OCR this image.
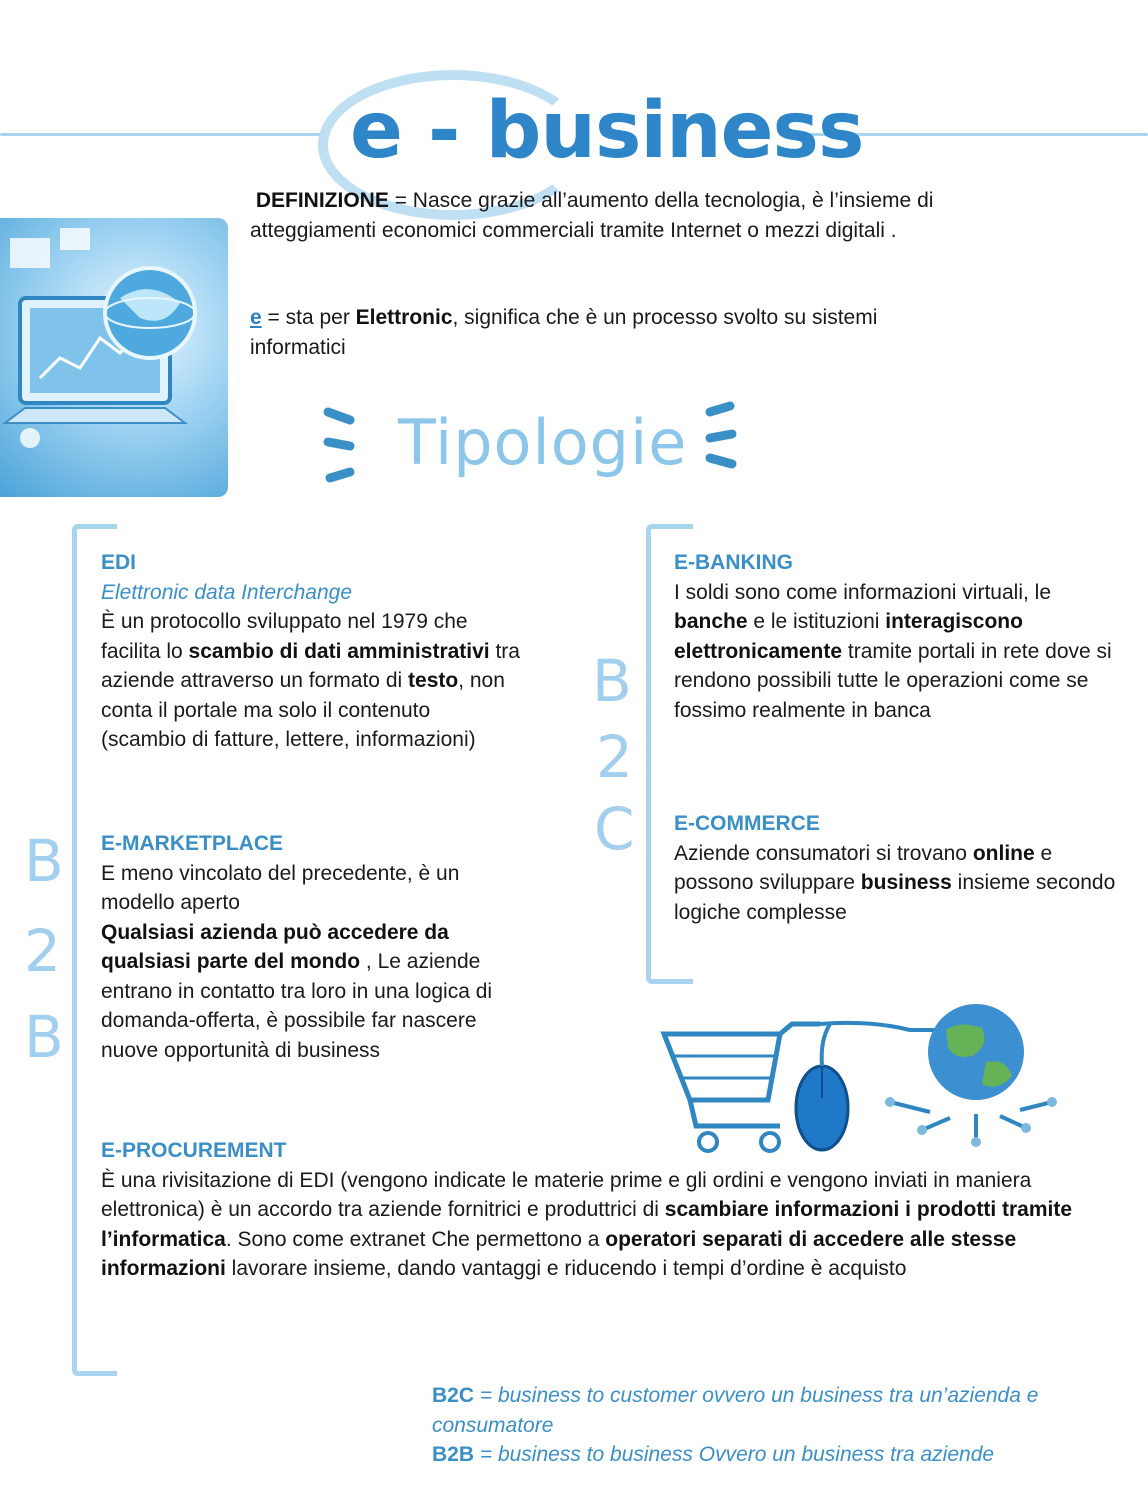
e - business
DEFINIZIONE = Nasce grazie all’aumento della tecnologia, è l’insieme di atteggiamenti economici commerciali tramite Internet o mezzi digitali .
e = sta per Elettronic, significa che è un processo svolto su sistemi informatici
Tipologie
B
2
B
B
2
C
EDI
Elettronic data Interchange
È un protocollo sviluppato nel 1979 che facilita lo scambio di dati amministrativi tra aziende attraverso un formato di testo, non conta il portale ma solo il contenuto (scambio di fatture, lettere, informazioni)
E-MARKETPLACE
E meno vincolato del precedente, è un modello aperto
Qualsiasi azienda può accedere da qualsiasi parte del mondo , Le aziende entrano in contatto tra loro in una logica di domanda-offerta, è possibile far nascere nuove opportunità di business
E-BANKING
I soldi sono come informazioni virtuali, le banche e le istituzioni interagiscono elettronicamente tramite portali in rete dove si rendono possibili tutte le operazioni come se fossimo realmente in banca
E-COMMERCE
Aziende consumatori si trovano online e possono sviluppare business insieme secondo logiche complesse
E-PROCUREMENT
È una rivisitazione di EDI (vengono indicate le materie prime e gli ordini e vengono inviati in maniera elettronica) è un accordo tra aziende fornitrici e produttrici di scambiare informazioni i prodotti tramite l’informatica. Sono come extranet Che permettono a operatori separati di accedere alle stesse informazioni lavorare insieme, dando vantaggi e riducendo i tempi d’ordine è acquisto
B2C = business to customer ovvero un business tra un’azienda e consumatore
B2B = business to business Ovvero un business tra aziende
